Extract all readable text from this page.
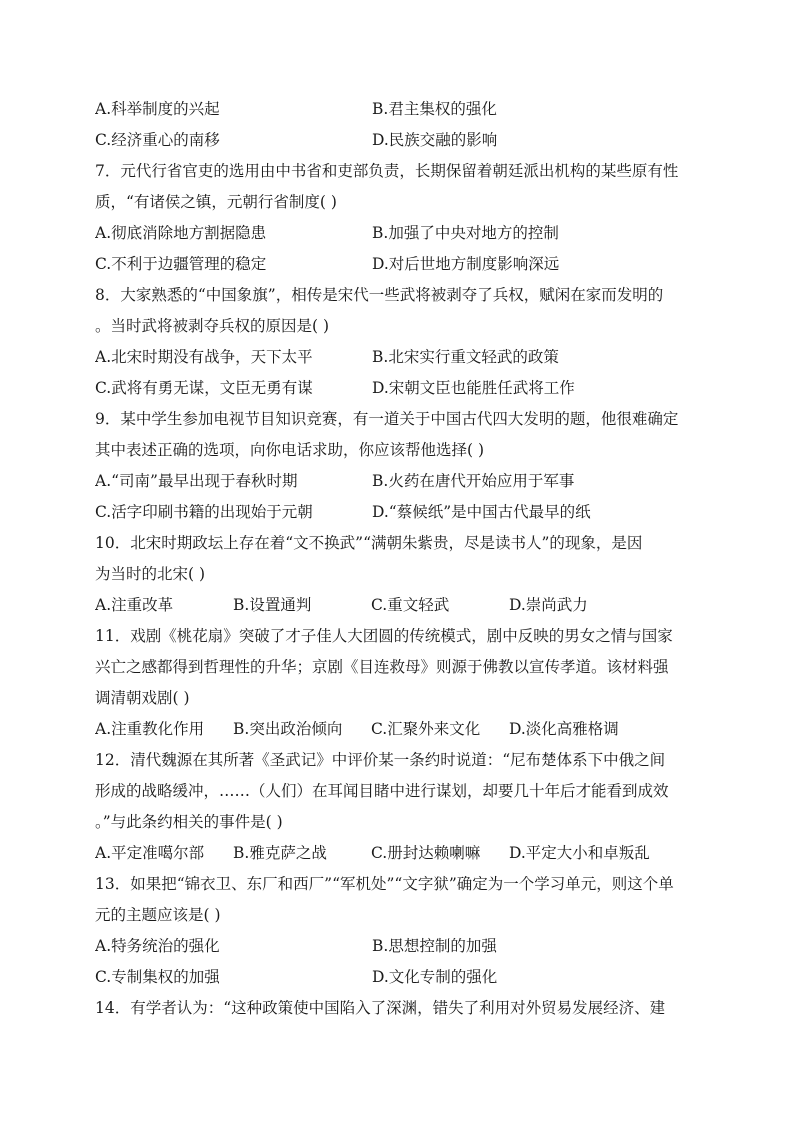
A.科举制度的兴起	B.君主集权的强化
C.经济重心的南移	D.民族交融的影响
7．元代行省官吏的选用由中书省和吏部负责，长期保留着朝廷派出机构的某些原有性
质，“有诸侯之镇，元朝行省制度( )
A.彻底消除地方割据隐患	B.加强了中央对地方的控制
C.不利于边疆管理的稳定	D.对后世地方制度影响深远
8．大家熟悉的“中国象旗”，相传是宋代一些武将被剥夺了兵权，赋闲在家而发明的
。当时武将被剥夺兵权的原因是( )
A.北宋时期没有战争，天下太平	B.北宋实行重文轻武的政策
C.武将有勇无谋，文臣无勇有谋	D.宋朝文臣也能胜任武将工作
9．某中学生参加电视节目知识竞赛，有一道关于中国古代四大发明的题，他很难确定
其中表述正确的选项，向你电话求助，你应该帮他选择( )
A.“司南”最早出现于春秋时期	B.火药在唐代开始应用于军事
C.活字印刷书籍的出现始于元朝	D.“蔡候纸”是中国古代最早的纸
10．北宋时期政坛上存在着“文不换武”“满朝朱紫贵，尽是读书人”的现象，是因
为当时的北宋( )
A.注重改革	B.设置通判	C.重文轻武	D.崇尚武力
11．戏剧《桃花扇》突破了才子佳人大团圆的传统模式，剧中反映的男女之情与国家
兴亡之感都得到哲理性的升华；京剧《目连救母》则源于佛教以宣传孝道。该材料强
调清朝戏剧( )
A.注重教化作用	B.突出政治倾向	C.汇聚外来文化	D.淡化高雅格调
12．清代魏源在其所著《圣武记》中评价某一条约时说道：“尼布楚体系下中俄之间
形成的战略缓冲，……（人们）在耳闻目睹中进行谋划，却要几十年后才能看到成效
。”与此条约相关的事件是( )
A.平定准噶尔部	B.雅克萨之战	C.册封达赖喇嘛	D.平定大小和卓叛乱
13．如果把“锦衣卫、东厂和西厂”“军机处”“文字狱”确定为一个学习单元，则这个单
元的主题应该是( )
A.特务统治的强化	B.思想控制的加强
C.专制集权的加强	D.文化专制的强化
14．有学者认为：“这种政策使中国陷入了深渊，错失了利用对外贸易发展经济、建
